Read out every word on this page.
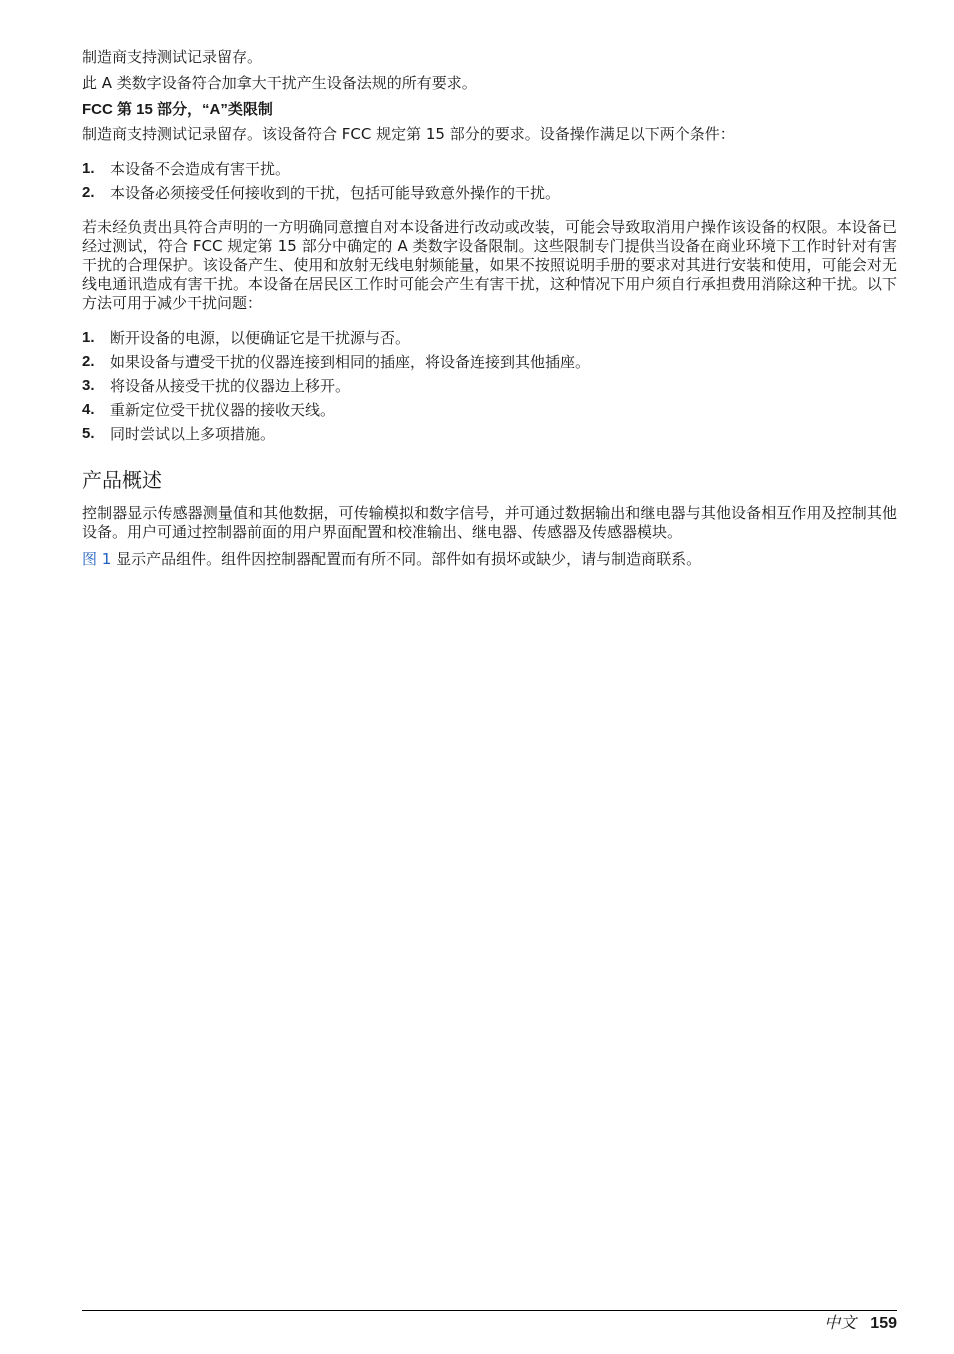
制造商支持测试记录留存。

此 A 类数字设备符合加拿大干扰产生设备法规的所有要求。

FCC 第 15 部分，“A”类限制

制造商支持测试记录留存。该设备符合 FCC 规定第 15 部分的要求。设备操作满足以下两个条件：

1. 本设备不会造成有害干扰。
2. 本设备必须接受任何接收到的干扰，包括可能导致意外操作的干扰。

若未经负责出具符合声明的一方明确同意擅自对本设备进行改动或改装，可能会导致取消用户操作该设备的权限。本设备已经过测试，符合 FCC 规定第 15 部分中确定的 A 类数字设备限制。这些限制专门提供当设备在商业环境下工作时针对有害干扰的合理保护。该设备产生、使用和放射无线电射频能量，如果不按照说明手册的要求对其进行安装和使用，可能会对无线电通讯造成有害干扰。本设备在居民区工作时可能会产生有害干扰，这种情况下用户须自行承担费用消除这种干扰。以下方法可用于减少干扰问题：

1. 断开设备的电源，以便确证它是干扰源与否。
2. 如果设备与遭受干扰的仪器连接到相同的插座，将设备连接到其他插座。
3. 将设备从接受干扰的仪器边上移开。
4. 重新定位受干扰仪器的接收天线。
5. 同时尝试以上多项措施。
产品概述

控制器显示传感器测量值和其他数据，可传输模拟和数字信号，并可通过数据输出和继电器与其他设备相互作用及控制其他设备。用户可通过控制器前面的用户界面配置和校准输出、继电器、传感器及传感器模块。

图 1 显示产品组件。组件因控制器配置而有所不同。部件如有损坏或缺少，请与制造商联系。

中文 159
